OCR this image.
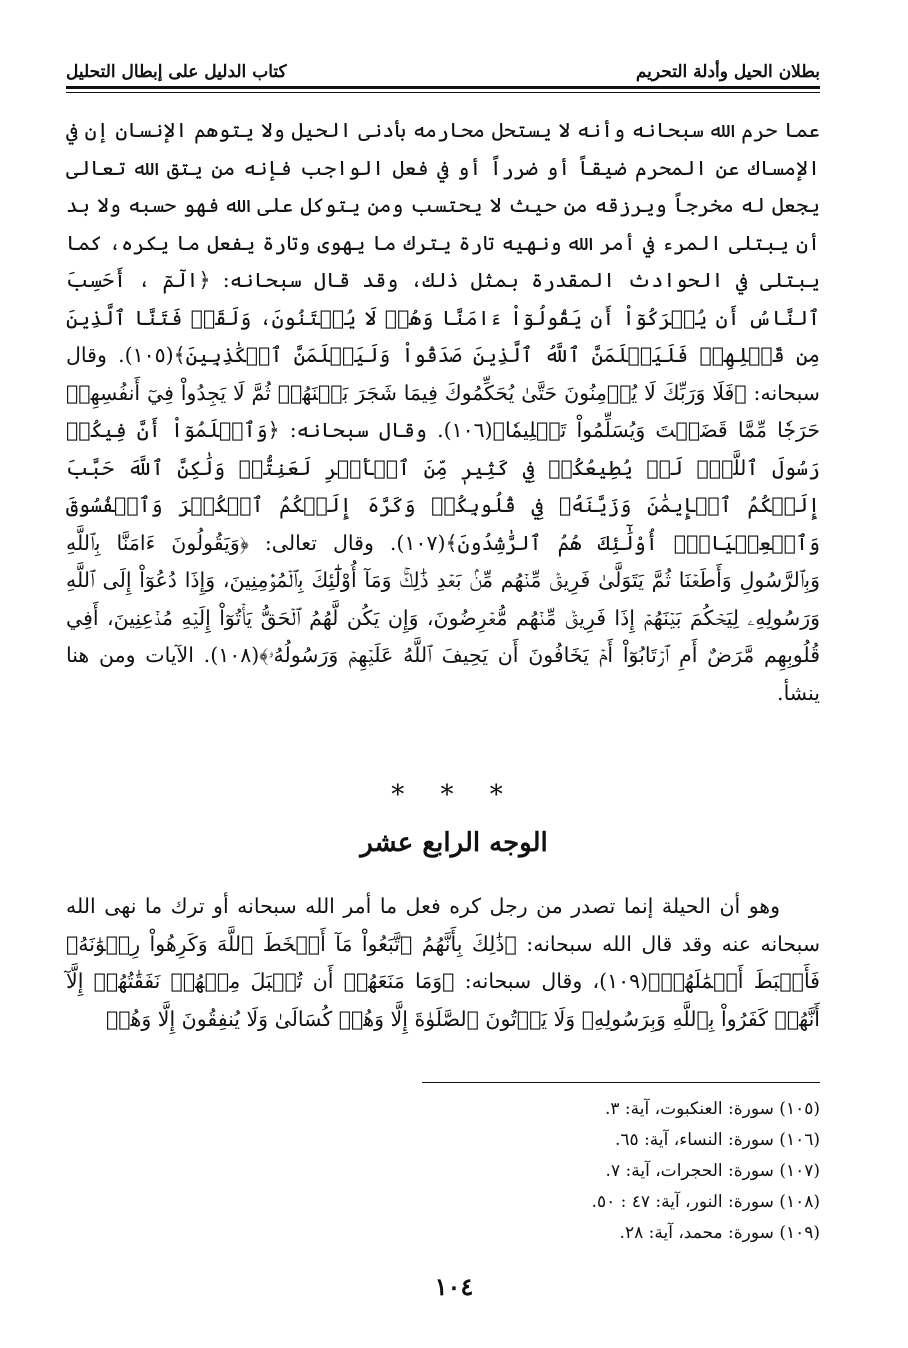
بطلان الحيل وأدلة التحريم
كتاب الدليل على إبطال التحليل

عما حرم الله سبحانه وأنه لا يستحل محارمه بأدنى الحيل ولا يتوهم الإنسان إن في الإمساك عن المحرم ضيقاً أو ضرراً أو في فعل الواجب فإنه من يتق الله تعالى يجعل له مخرجاً ويرزقه من حيث لا يحتسب ومن يتوكل على الله فهو حسبه ولا بد أن يبتلى المرء في أمر الله ونهيه تارة يترك ما يهوى وتارة يفعل ما يكره، كما يبتلى في الحوادث المقدرة بمثل ذلك، وقد قال سبحانه: ﴿الٓمٓ ، أَحَسِبَ ٱلنَّاسُ أَن يُتۡرَكُوٓاْ أَن يَقُولُوٓاْ ءَامَنَّا وَهُمۡ لَا يُفۡتَنُونَ، وَلَقَدۡ فَتَنَّا ٱلَّذِينَ مِن قَبۡلِهِمۡ فَلَيَعۡلَمَنَّ ٱللَّهُ ٱلَّذِينَ صَدَقُواْ وَلَيَعۡلَمَنَّ ٱلۡكَٰذِبِينَ﴾(١٠٥). وقال سبحانه: ﴿فَلَا وَرَبِّكَ لَا يُؤۡمِنُونَ حَتَّىٰ يُحَكِّمُوكَ فِيمَا شَجَرَ بَيۡنَهُمۡ ثُمَّ لَا يَجِدُواْ فِيٓ أَنفُسِهِمۡ حَرَجٗا مِّمَّا قَضَيۡتَ وَيُسَلِّمُواْ تَسۡلِيمٗا﴾(١٠٦). وقال سبحانه: ﴿وَٱعۡلَمُوٓاْ أَنَّ فِيكُمۡ رَسُولَ ٱللَّهِۚ لَوۡ يُطِيعُكُمۡ فِي كَثِيرٖ مِّنَ ٱلۡأَمۡرِ لَعَنِتُّمۡ وَلَٰكِنَّ ٱللَّهَ حَبَّبَ إِلَيۡكُمُ ٱلۡإِيمَٰنَ وَزَيَّنَهُۥ فِي قُلُوبِكُمۡ وَكَرَّهَ إِلَيۡكُمُ ٱلۡكُفۡرَ وَٱلۡفُسُوقَ وَٱلۡعِصۡيَانَۚ أُوْلَٰٓئِكَ هُمُ ٱلرَّٰشِدُونَ﴾(١٠٧). وقال تعالى: ﴿وَيَقُولُونَ ءَامَنَّا بِٱللَّهِ وَبِٱلرَّسُولِ وَأَطَعۡنَا ثُمَّ يَتَوَلَّىٰ فَرِيقٞ مِّنۡهُم مِّنۢ بَعۡدِ ذَٰلِكَۚ وَمَآ أُوْلَٰٓئِكَ بِٱلۡمُؤۡمِنِينَ، وَإِذَا دُعُوٓاْ إِلَى ٱللَّهِ وَرَسُولِهِۦ لِيَحۡكُمَ بَيۡنَهُمۡ إِذَا فَرِيقٞ مِّنۡهُم مُّعۡرِضُونَ، وَإِن يَكُن لَّهُمُ ٱلۡحَقُّ يَأۡتُوٓاْ إِلَيۡهِ مُذۡعِنِينَ، أَفِي قُلُوبِهِم مَّرَضٌ أَمِ ٱرۡتَابُوٓاْ أَمۡ يَخَافُونَ أَن يَحِيفَ ٱللَّهُ عَلَيۡهِمۡ وَرَسُولُهُۥ﴾(١٠٨). الآيات ومن هنا ينشأ.

* * *
الوجه الرابع عشر

وهو أن الحيلة إنما تصدر من رجل كره فعل ما أمر الله سبحانه أو ترك ما نهى الله سبحانه عنه وقد قال الله سبحانه: ﴿ذَٰلِكَ بِأَنَّهُمُ ٱتَّبَعُواْ مَآ أَسۡخَطَ ٱللَّهَ وَكَرِهُواْ رِضۡوَٰنَهُۥ فَأَحۡبَطَ أَعۡمَٰلَهُمۡ﴾(١٠٩)، وقال سبحانه: ﴿وَمَا مَنَعَهُمۡ أَن تُقۡبَلَ مِنۡهُمۡ نَفَقَٰتُهُمۡ إِلَّآ أَنَّهُمۡ كَفَرُواْ بِٱللَّهِ وَبِرَسُولِهِۦ وَلَا يَأۡتُونَ ٱلصَّلَوٰةَ إِلَّا وَهُمۡ كُسَالَىٰ وَلَا يُنفِقُونَ إِلَّا وَهُمۡ

(١٠٥) سورة: العنكبوت، آية: ٣.
(١٠٦) سورة: النساء، آية: ٦٥.
(١٠٧) سورة: الحجرات، آية: ٧.
(١٠٨) سورة: النور، آية: ٤٧ : ٥٠.
(١٠٩) سورة: محمد، آية: ٢٨.
١٠٤
